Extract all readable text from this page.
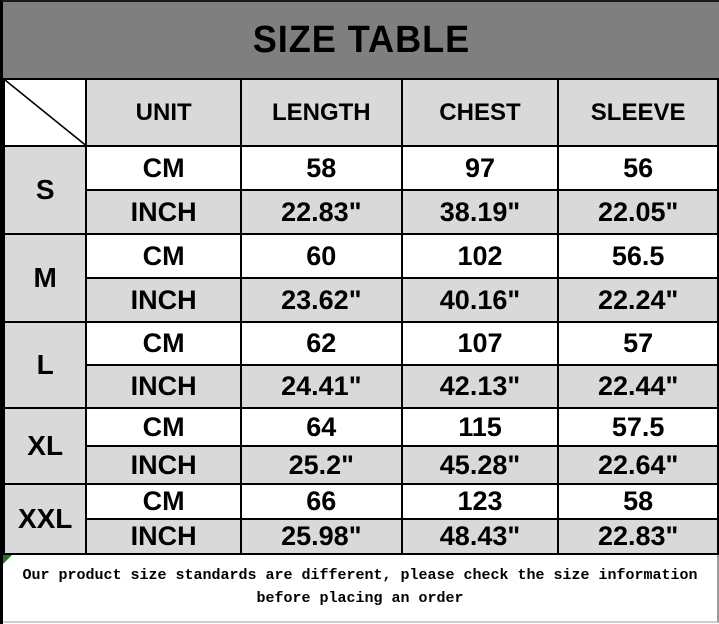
SIZE TABLE
	UNIT	LENGTH	CHEST	SLEEVE
S	CM	58	97	56
	INCH	22.83"	38.19"	22.05"
M	CM	60	102	56.5
	INCH	23.62"	40.16"	22.24"
L	CM	62	107	57
	INCH	24.41"	42.13"	22.44"
XL	CM	64	115	57.5
	INCH	25.2"	45.28"	22.64"
XXL	CM	66	123	58
	INCH	25.98"	48.43"	22.83"
Our product size standards are different, please check the size information
before placing an order
